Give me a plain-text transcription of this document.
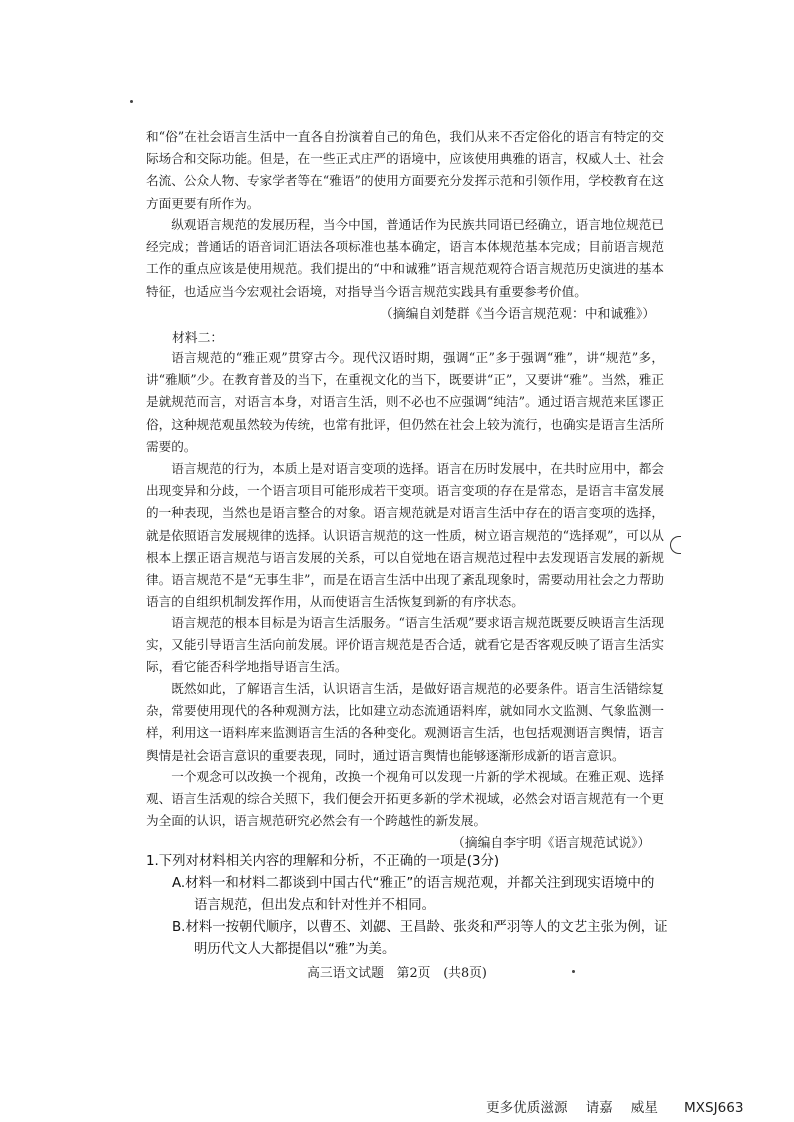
和“俗”在社会语言生活中一直各自扮演着自己的角色，我们从来不否定俗化的语言有特定的交际场合和交际功能。但是，在一些正式庄严的语境中，应该使用典雅的语言，权威人士、社会名流、公众人物、专家学者等在“雅语”的使用方面要充分发挥示范和引领作用，学校教育在这方面更要有所作为。

纵观语言规范的发展历程，当今中国，普通话作为民族共同语已经确立，语言地位规范已经完成；普通话的语音词汇语法各项标准也基本确定，语言本体规范基本完成；目前语言规范工作的重点应该是使用规范。我们提出的“中和诚雅”语言规范观符合语言规范历史演进的基本特征，也适应当今宏观社会语境，对指导当今语言规范实践具有重要参考价值。

（摘编自刘楚群《当今语言规范观：中和诚雅》）

材料二：

语言规范的“雅正观”贯穿古今。现代汉语时期，强调“正”多于强调“雅”，讲“规范”多，讲“雅顺”少。在教育普及的当下，在重视文化的当下，既要讲“正”，又要讲“雅”。当然，雅正是就规范而言，对语言本身，对语言生活，则不必也不应强调“纯洁”。通过语言规范来匡谬正俗，这种规范观虽然较为传统，也常有批评，但仍然在社会上较为流行，也确实是语言生活所需要的。

语言规范的行为，本质上是对语言变项的选择。语言在历时发展中，在共时应用中，都会出现变异和分歧，一个语言项目可能形成若干变项。语言变项的存在是常态，是语言丰富发展的一种表现，当然也是语言整合的对象。语言规范就是对语言生活中存在的语言变项的选择，就是依照语言发展规律的选择。认识语言规范的这一性质，树立语言规范的“选择观”，可以从根本上摆正语言规范与语言发展的关系，可以自觉地在语言规范过程中去发现语言发展的新规律。语言规范不是“无事生非”，而是在语言生活中出现了紊乱现象时，需要动用社会之力帮助语言的自组织机制发挥作用，从而使语言生活恢复到新的有序状态。

语言规范的根本目标是为语言生活服务。“语言生活观”要求语言规范既要反映语言生活现实，又能引导语言生活向前发展。评价语言规范是否合适，就看它是否客观反映了语言生活实际，看它能否科学地指导语言生活。

既然如此，了解语言生活，认识语言生活，是做好语言规范的必要条件。语言生活错综复杂，常要使用现代的各种观测方法，比如建立动态流通语料库，就如同水文监测、气象监测一样，利用这一语料库来监测语言生活的各种变化。观测语言生活，也包括观测语言舆情，语言舆情是社会语言意识的重要表现，同时，通过语言舆情也能够逐渐形成新的语言意识。

一个观念可以改换一个视角，改换一个视角可以发现一片新的学术视域。在雅正观、选择观、语言生活观的综合关照下，我们便会开拓更多新的学术视域，必然会对语言规范有一个更为全面的认识，语言规范研究必然会有一个跨越性的新发展。

（摘编自李宇明《语言规范试说》）

1.下列对材料相关内容的理解和分析，不正确的一项是(3分)

A.材料一和材料二都谈到中国古代“雅正”的语言规范观，并都关注到现实语境中的

语言规范，但出发点和针对性并不相同。

B.材料一按朝代顺序，以曹丕、刘勰、王昌龄、张炎和严羽等人的文艺主张为例，证

明历代文人大都提倡以“雅”为美。

高三语文试题　第2页　(共8页)

更多优质滋源 请嘉 威星 MXSJ663
